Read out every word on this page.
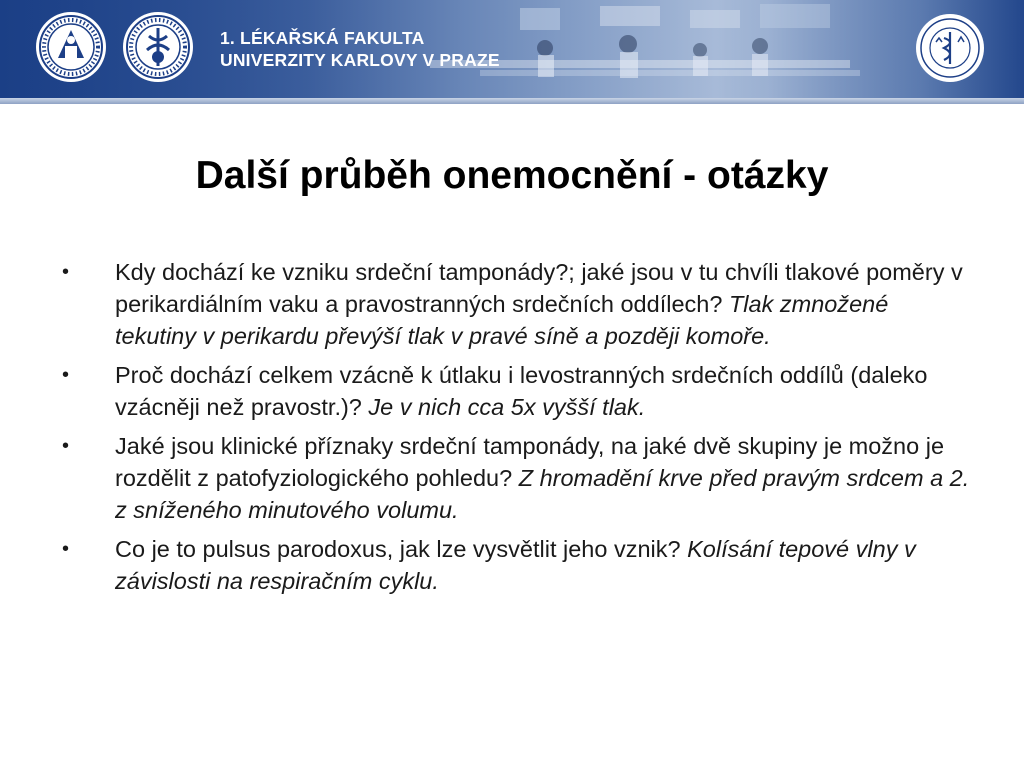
1. LÉKAŘSKÁ FAKULTA
UNIVERZITY KARLOVY V PRAZE
Další průběh onemocnění - otázky
• Kdy dochází ke vzniku srdeční tamponády?; jaké jsou v tu chvíli tlakové poměry v perikardiálním vaku a pravostranných srdečních oddílech? Tlak zmnožené tekutiny v perikardu převýší tlak v pravé síně a později komoře.
• Proč dochází celkem vzácně k útlaku i levostranných srdečních oddílů (daleko vzácněji než pravostr.)? Je v nich cca 5x vyšší tlak.
• Jaké jsou klinické příznaky srdeční tamponády, na jaké dvě skupiny je možno je rozdělit z patofyziologického pohledu? Z hromadění krve před pravým srdcem a 2. z sníženého minutového volumu.
• Co je to pulsus parodoxus, jak lze vysvětlit jeho vznik? Kolísání tepové vlny v závislosti na respiračním cyklu.
